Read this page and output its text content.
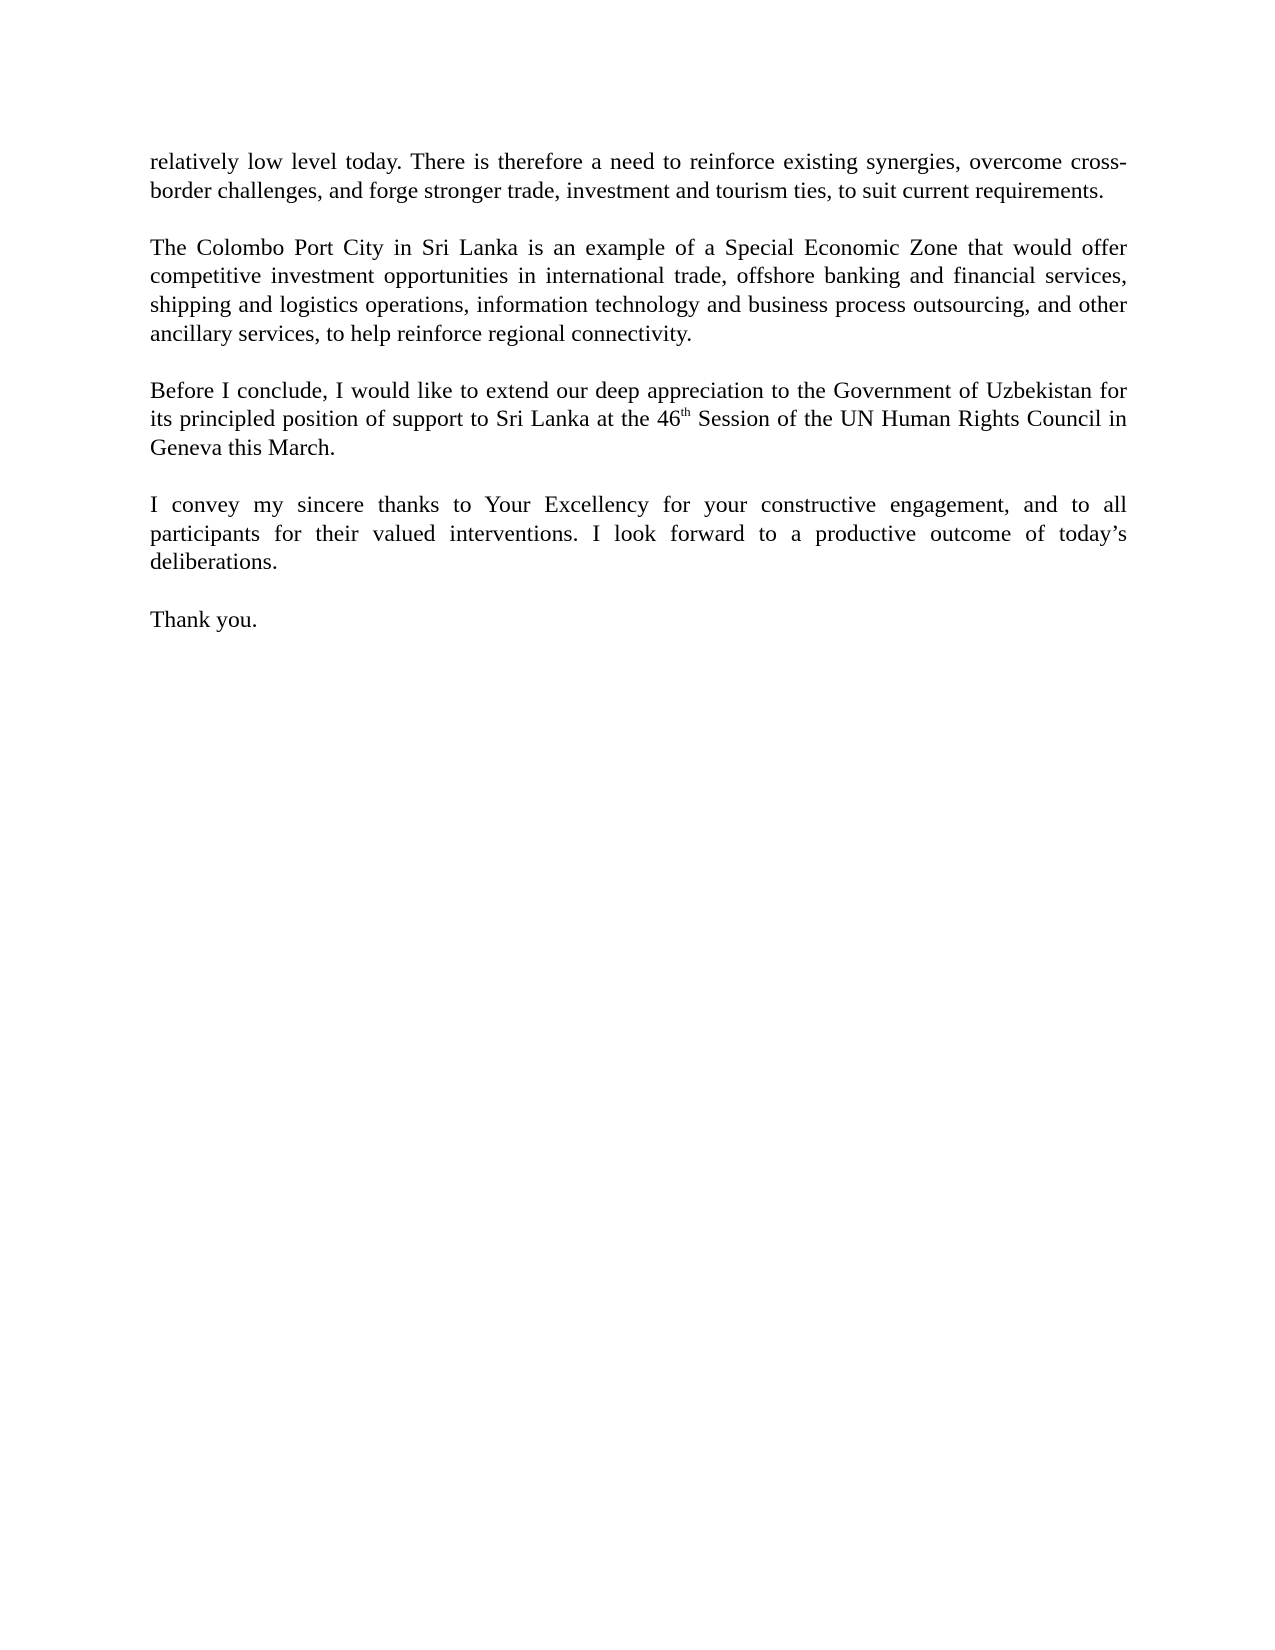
relatively low level today. There is therefore a need to reinforce existing synergies, overcome cross-border challenges, and forge stronger trade, investment and tourism ties, to suit current requirements.

The Colombo Port City in Sri Lanka is an example of a Special Economic Zone that would offer competitive investment opportunities in international trade, offshore banking and financial services, shipping and logistics operations, information technology and business process outsourcing, and other ancillary services, to help reinforce regional connectivity.

Before I conclude, I would like to extend our deep appreciation to the Government of Uzbekistan for its principled position of support to Sri Lanka at the 46th Session of the UN Human Rights Council in Geneva this March.

I convey my sincere thanks to Your Excellency for your constructive engagement, and to all participants for their valued interventions. I look forward to a productive outcome of today’s deliberations.

Thank you.
